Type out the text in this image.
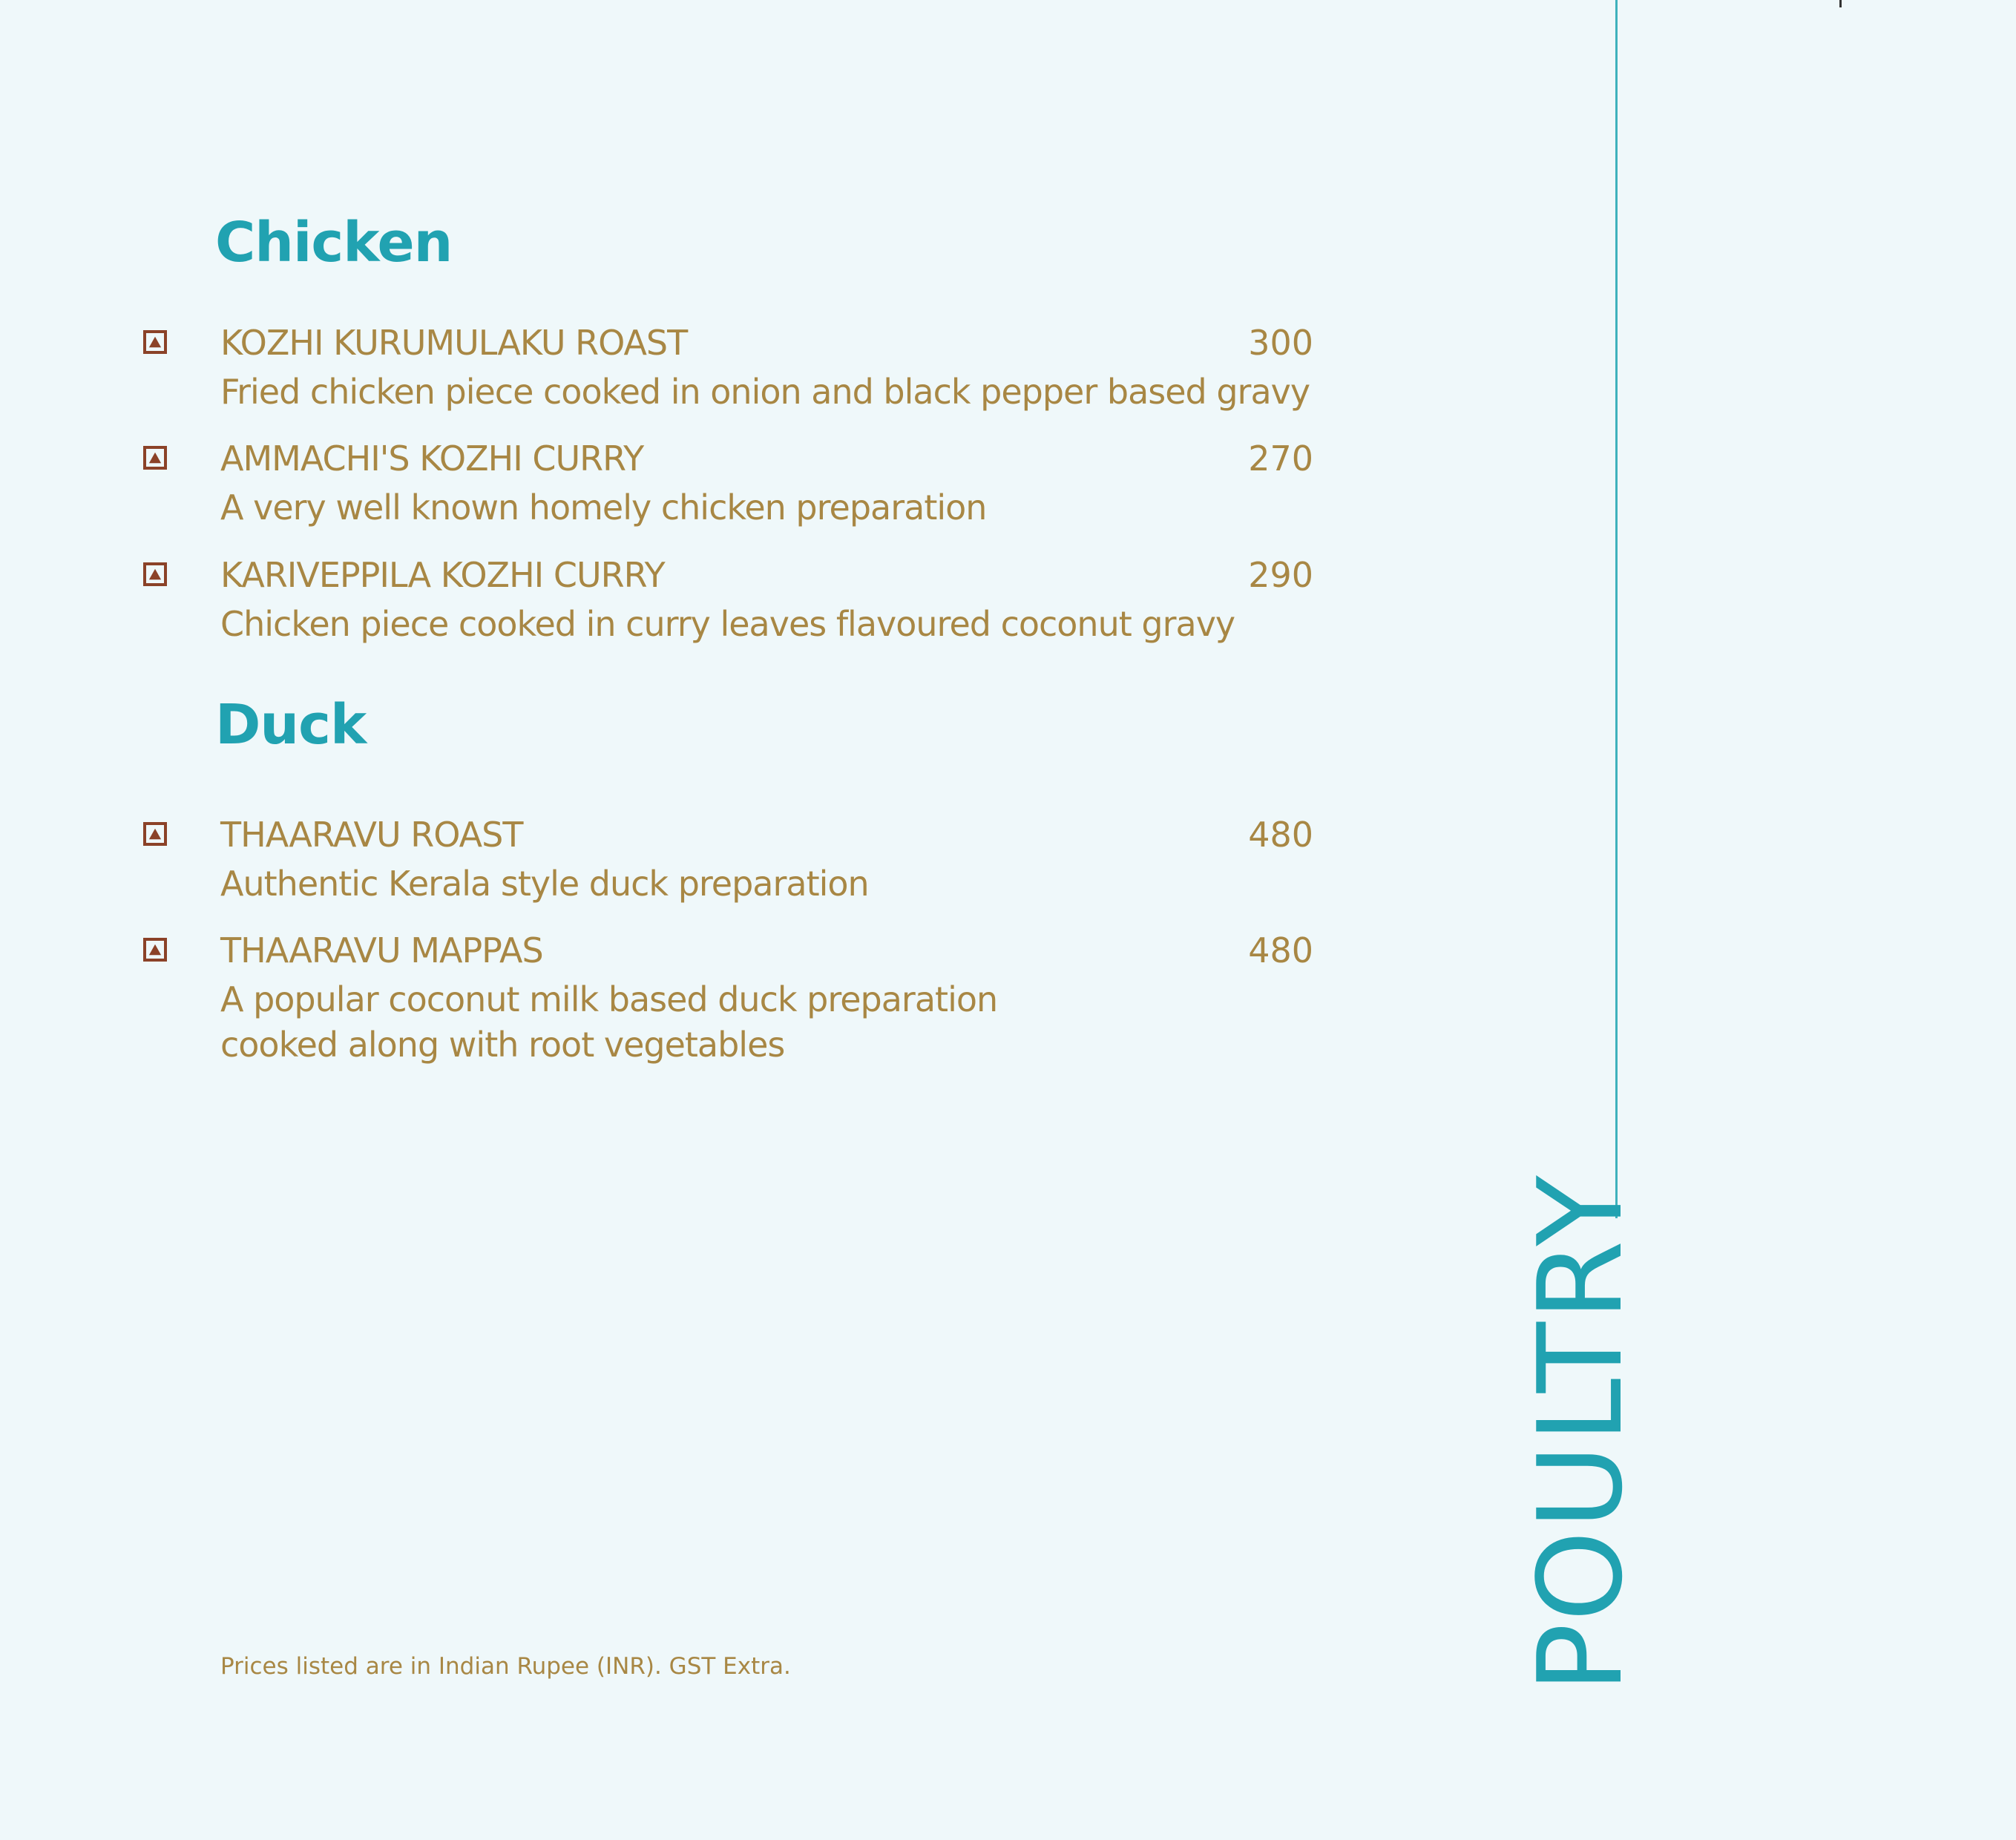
Chicken
KOZHI KURUMULAKU ROAST	300
Fried chicken piece cooked in onion and black pepper based gravy
AMMACHI'S KOZHI CURRY	270
A very well known homely chicken preparation
KARIVEPPILA KOZHI CURRY	290
Chicken piece cooked in curry leaves flavoured coconut gravy
Duck
THAARAVU ROAST	480
Authentic Kerala style duck preparation
THAARAVU MAPPAS	480
A popular coconut milk based duck preparation
cooked along with root vegetables
Prices listed are in Indian Rupee (INR). GST Extra.	POULTRY
